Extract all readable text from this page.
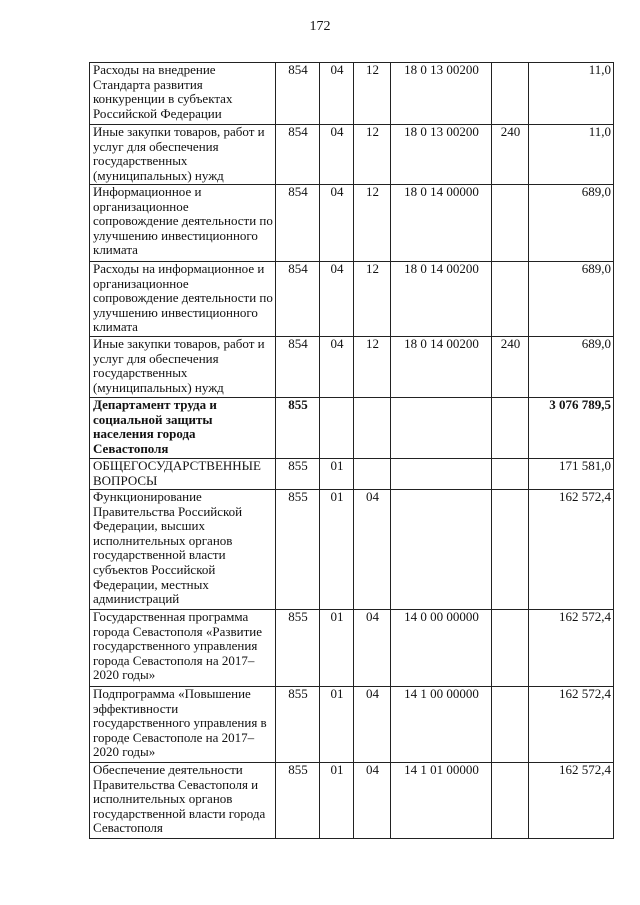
172
Расходы на внедрение Стандарта развития конкуренции в субъектах Российской Федерации	854	04	12	18 0 13 00200		11,0
Иные закупки товаров, работ и услуг для обеспечения государственных (муниципальных) нужд	854	04	12	18 0 13 00200	240	11,0
Информационное и организационное сопровождение деятельности по улучшению инвестиционного климата	854	04	12	18 0 14 00000		689,0
Расходы на информационное и организационное сопровождение деятельности по улучшению инвестиционного климата	854	04	12	18 0 14 00200		689,0
Иные закупки товаров, работ и услуг для обеспечения государственных (муниципальных) нужд	854	04	12	18 0 14 00200	240	689,0
Департамент труда и социальной защиты населения города Севастополя	855					3 076 789,5
ОБЩЕГОСУДАРСТВЕННЫЕ ВОПРОСЫ	855	01				171 581,0
Функционирование Правительства Российской Федерации, высших исполнительных органов государственной власти субъектов Российской Федерации, местных администраций	855	01	04			162 572,4
Государственная программа города Севастополя «Развитие государственного управления города Севастополя на 2017–2020 годы»	855	01	04	14 0 00 00000		162 572,4
Подпрограмма «Повышение эффективности государственного управления в городе Севастополе на 2017–2020 годы»	855	01	04	14 1 00 00000		162 572,4
Обеспечение деятельности Правительства Севастополя и исполнительных органов государственной власти города Севастополя	855	01	04	14 1 01 00000		162 572,4
